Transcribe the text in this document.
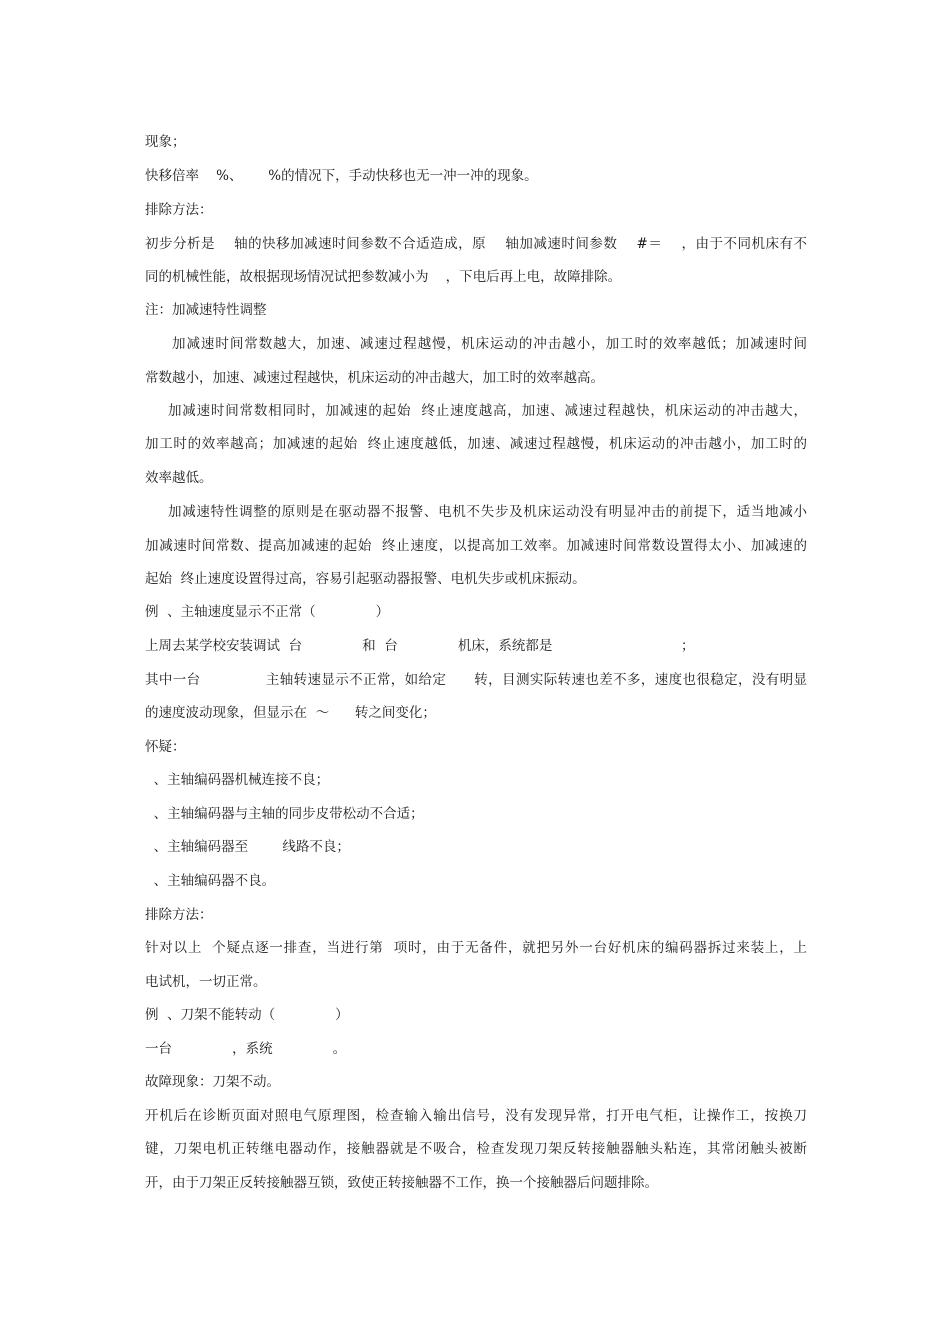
现象；
快移倍率    %、      %的情况下，手动快移也无一冲一冲的现象。
排除方法：
初步分析是    轴的快移加减速时间参数不合适造成，原    轴加减速时间参数    #＝    ，由于不同机床有不
同的机械性能，故根据现场情况试把参数减小为    ，下电后再上电，故障排除。
注：加减速特性调整
加减速时间常数越大，加速、减速过程越慢，机床运动的冲击越小，加工时的效率越低；加减速时间
常数越小，加速、减速过程越快，机床运动的冲击越大，加工时的效率越高。
加减速时间常数相同时，加减速的起始  终止速度越高，加速、减速过程越快，机床运动的冲击越大，
加工时的效率越高；加减速的起始  终止速度越低，加速、减速过程越慢，机床运动的冲击越小，加工时的
效率越低。
加减速特性调整的原则是在驱动器不报警、电机不失步及机床运动没有明显冲击的前提下，适当地减小
加减速时间常数、提高加减速的起始  终止速度，以提高加工效率。加减速时间常数设置得太小、加减速的
起始  终止速度设置得过高，容易引起驱动器报警、电机失步或机床振动。
例  、主轴速度显示不正常（              ）
上周去某学校安装调试  台              和  台              机床，系统都是                              ；
其中一台              主轴转速显示不正常，如给定      转，目测实际转速也差不多，速度也很稳定，没有明显
的速度波动现象，但显示在  ～      转之间变化；
怀疑：
、主轴编码器机械连接不良；
、主轴编码器与主轴的同步皮带松动不合适；
、主轴编码器至        线路不良；
、主轴编码器不良。
排除方法：
针对以上  个疑点逐一排查，当进行第  项时，由于无备件，就把另外一台好机床的编码器拆过来装上，上
电试机，一切正常。
例  、刀架不能转动（              ）
一台              ，系统              。
故障现象：刀架不动。
开机后在诊断页面对照电气原理图，检查输入输出信号，没有发现异常，打开电气柜，让操作工，按换刀
键，刀架电机正转继电器动作，接触器就是不吸合，检查发现刀架反转接触器触头粘连，其常闭触头被断
开，由于刀架正反转接触器互锁，致使正转接触器不工作，换一个接触器后问题排除。
